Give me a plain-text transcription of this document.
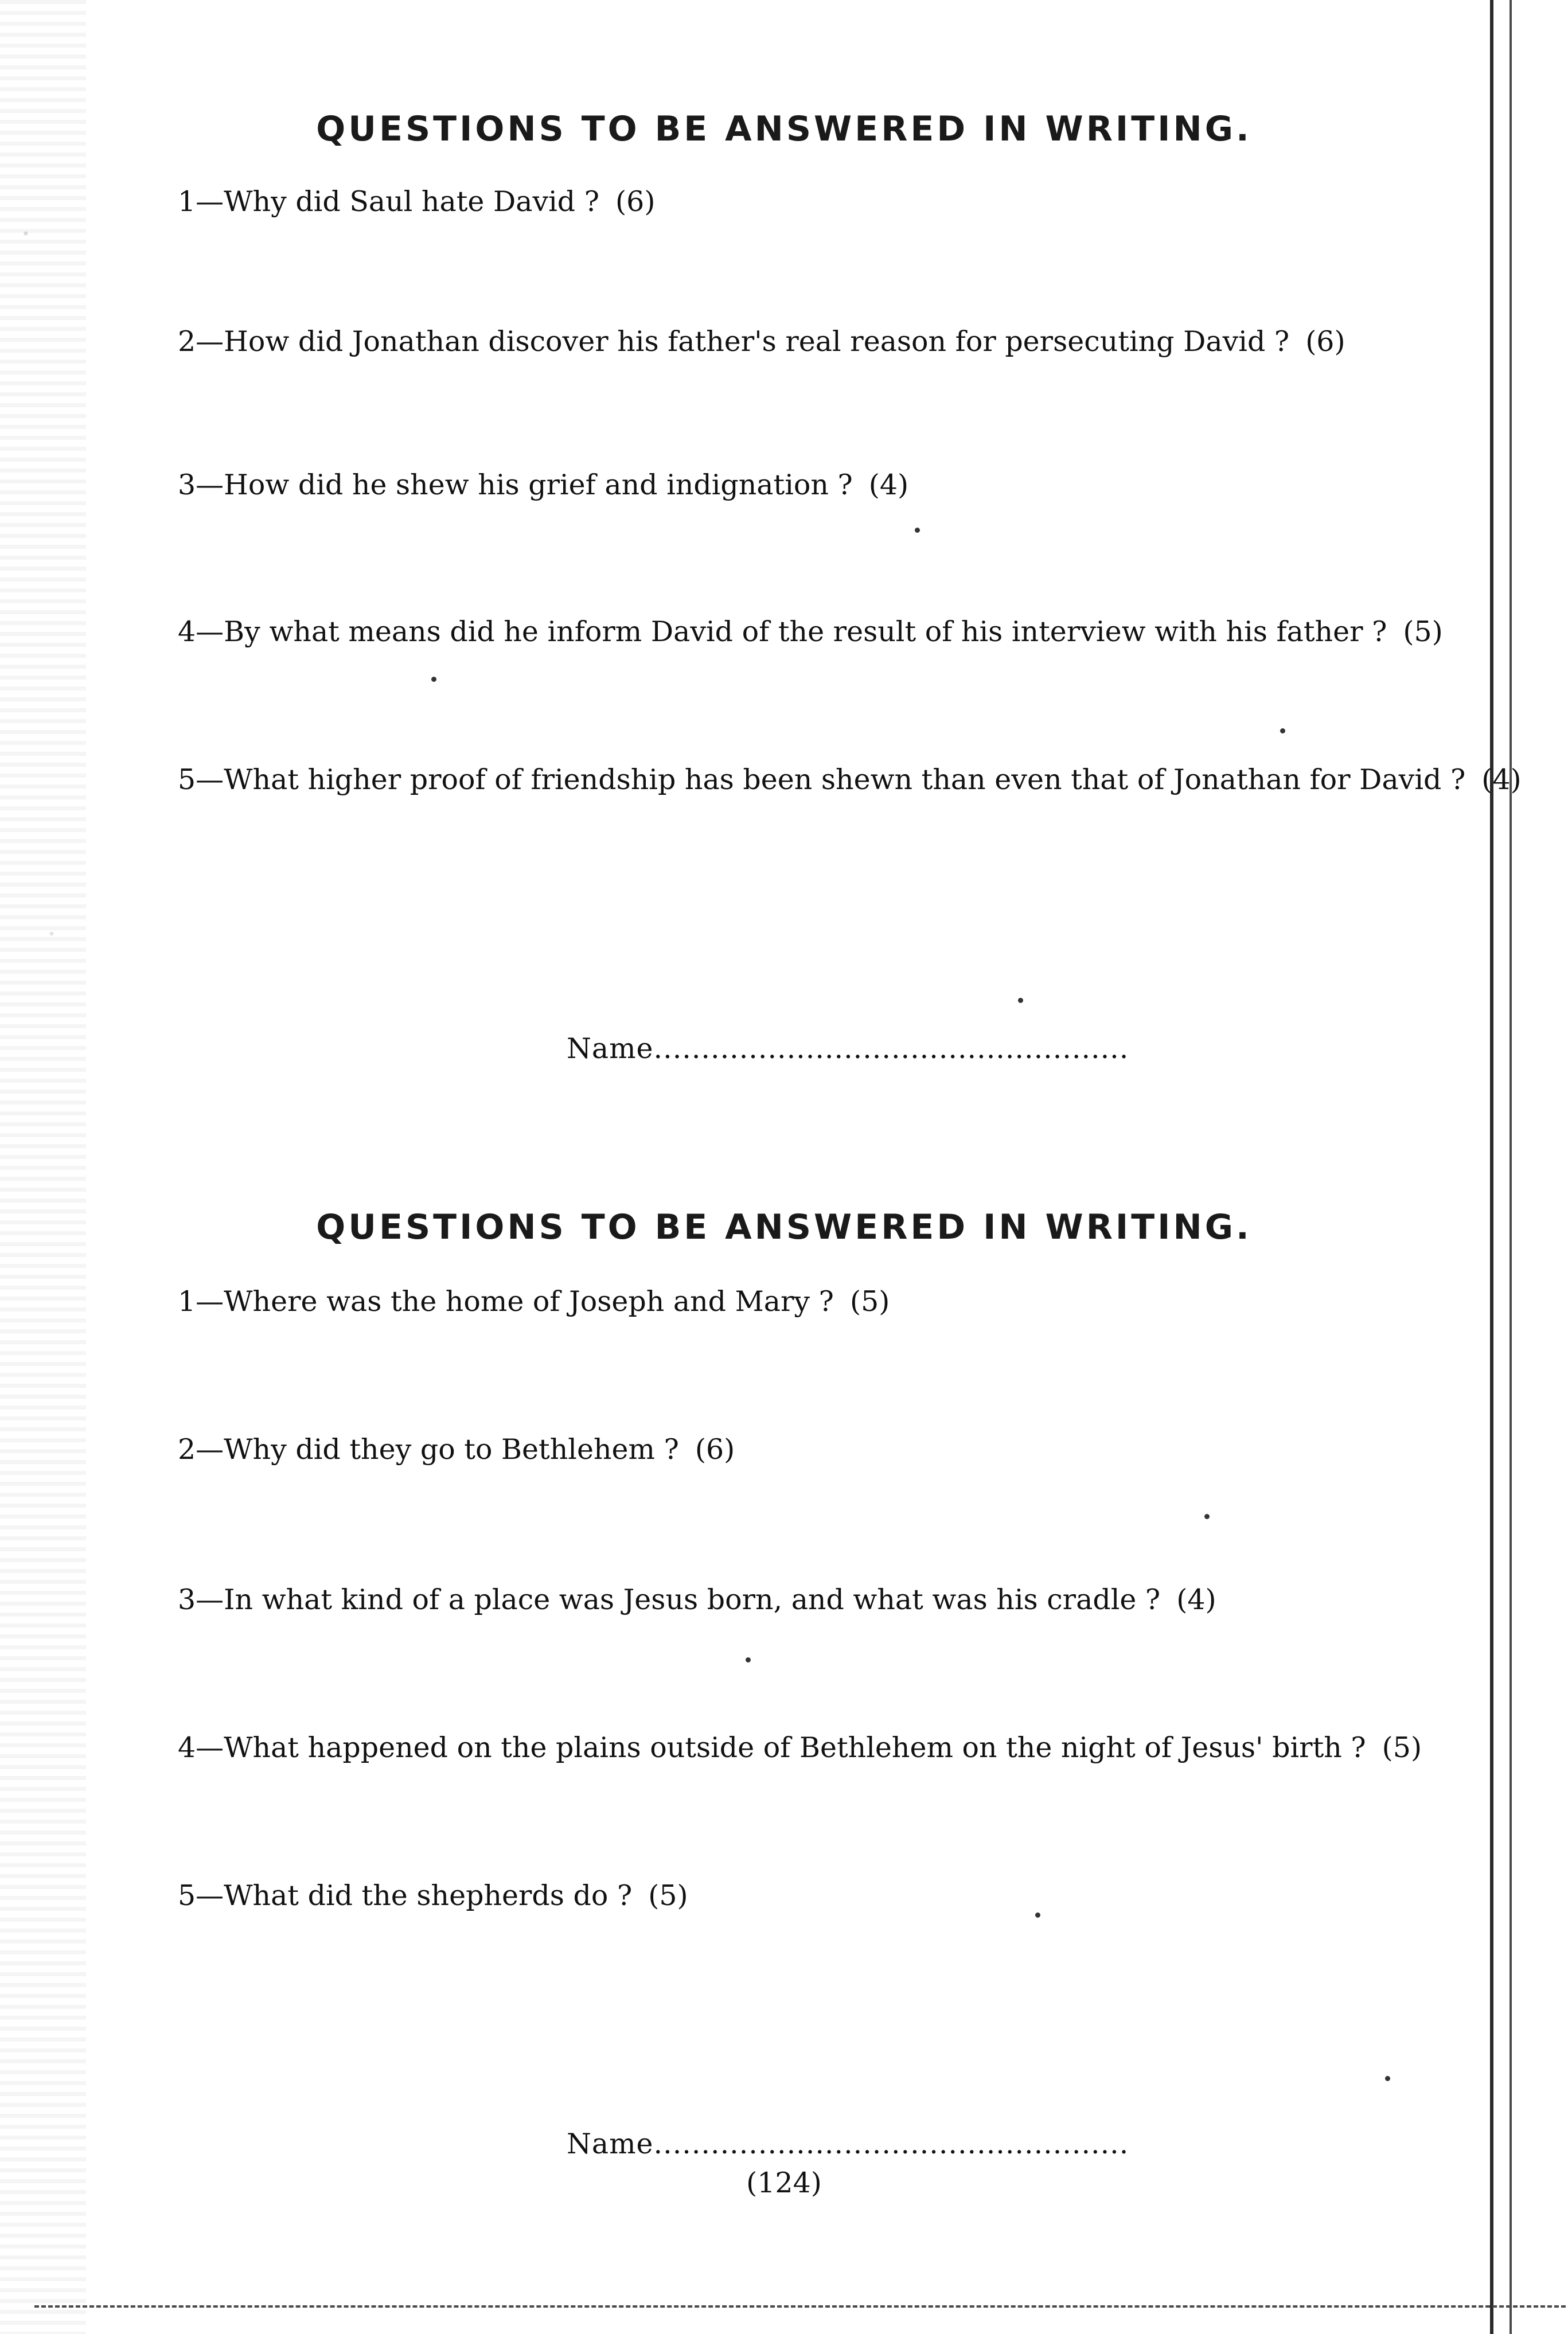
QUESTIONS TO BE ANSWERED IN WRITING.
1—Why did Saul hate David ? (6)
2—How did Jonathan discover his father's real reason for persecuting David ? (6)
3—How did he shew his grief and indignation ? (4)
4—By what means did he inform David of the result of his interview with his father ? (5)
5—What higher proof of friendship has been shewn than even that of Jonathan for David ? (4)
Name..................................................
QUESTIONS TO BE ANSWERED IN WRITING.
1—Where was the home of Joseph and Mary ? (5)
2—Why did they go to Bethlehem ? (6)
3—In what kind of a place was Jesus born, and what was his cradle ? (4)
4—What happened on the plains outside of Bethlehem on the night of Jesus' birth ? (5)
5—What did the shepherds do ? (5)
Name..................................................
(124)
